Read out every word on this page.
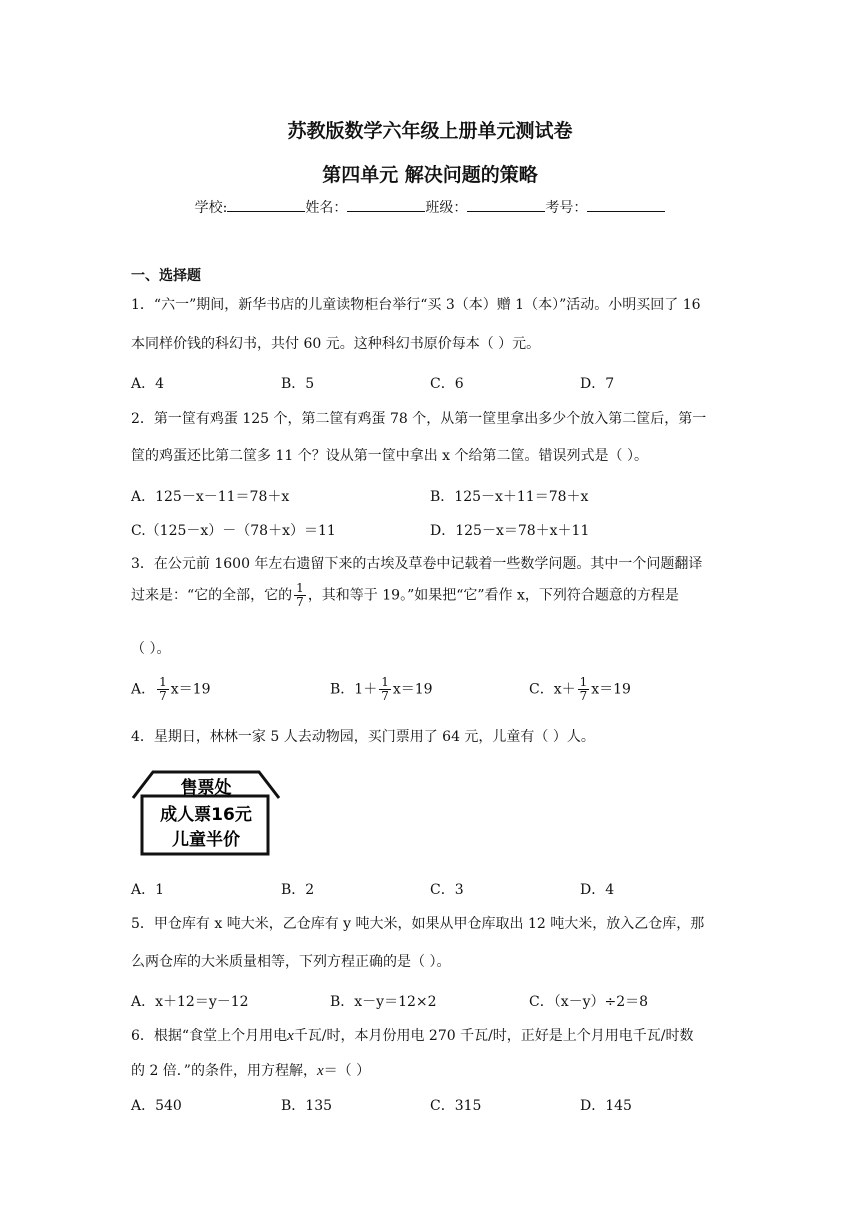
苏教版数学六年级上册单元测试卷
第四单元 解决问题的策略
学校:	姓名：	班级：	考号：
一、选择题
1．“六一”期间，新华书店的儿童读物柜台举行“买 3（本）赠 1（本）”活动。小明买回了 16
本同样价钱的科幻书，共付 60 元。这种科幻书原价每本（ ）元。
A．4	B．5	C．6	D．7
2．第一筐有鸡蛋 125 个，第二筐有鸡蛋 78 个，从第一筐里拿出多少个放入第二筐后，第一
筐的鸡蛋还比第二筐多 11 个？设从第一筐中拿出 x 个给第二筐。错误列式是（ ）。
A．125－x－11＝78＋x	B．125－x＋11＝78＋x
C.（125－x）－（78＋x）＝11	D．125－x＝78＋x＋11
3．在公元前 1600 年左右遗留下来的古埃及草卷中记载着一些数学问题。其中一个问题翻译
过来是：“它的全部，它的 $\frac{1}{7}$ ，其和等于 19。”如果把“它”看作 x，下列符合题意的方程是
（ ）。
A． $\frac{1}{7} x=19$	B．$1+ \frac{1}{7} x=19$	C．$x+ \frac{1}{7} x=19$
4．星期日，林林一家 5 人去动物园，买门票用了 64 元，儿童有（ ）人。
售票处
成人票16元
儿童半价
A．1	B．2	C．3	D．4
5．甲仓库有 x 吨大米，乙仓库有 y 吨大米，如果从甲仓库取出 12 吨大米，放入乙仓库，那
么两仓库的大米质量相等，下列方程正确的是（ ）。
A．x＋12＝y－12	B．x－y＝12×2	C．（x－y）÷2＝8
6．根据“食堂上个月用电x千瓦/时，本月份用电 270 千瓦/时，正好是上个月用电千瓦/时数
的 2 倍．”的条件，用方程解，x＝（ ）
A．540	B．135	C．315	D．145
